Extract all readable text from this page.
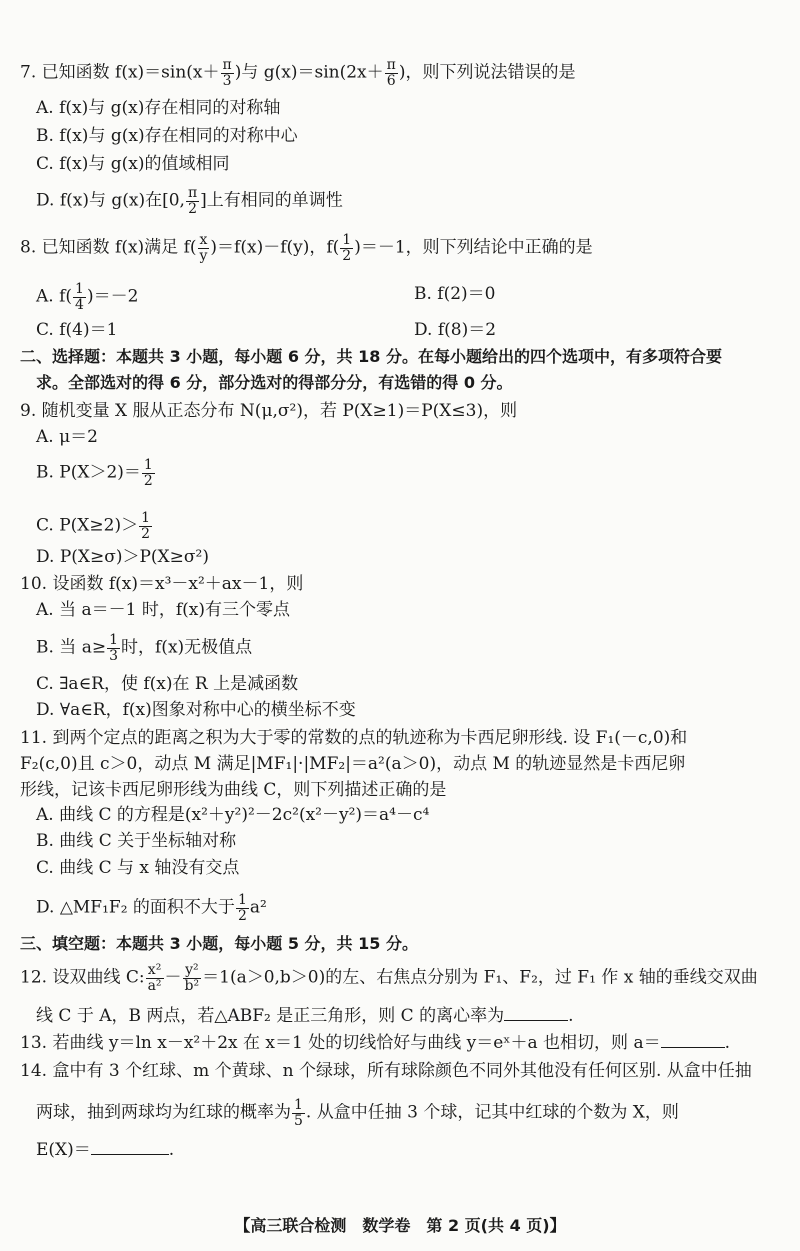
7. 已知函数 $f(x)=\sin(x+ \frac{\pi}{3}$ )与 $g(x)=\sin(2x+ \frac{\pi}{6}$ )，则下列说法错误的是
A. f(x)与 g(x)存在相同的对称轴
B. f(x)与 g(x)存在相同的对称中心
C. f(x)与 g(x)的值域相同
D. f(x)与 g(x)在[0, $\frac{\pi}{2}$ ]上有相同的单调性
8. 已知函数 f(x)满足 $f( \frac{x}{y} )=f(x)-f(y)$，$f( \frac{1}{2} )=-1$，则下列结论中正确的是
A. $f( \frac{1}{4} )=-2$	B. f(2)＝0
C. f(4)＝1	D. f(8)＝2
二、选择题：本题共 3 小题，每小题 6 分，共 18 分。在每小题给出的四个选项中，有多项符合要
求。全部选对的得 6 分，部分选对的得部分分，有选错的得 0 分。
9. 随机变量 X 服从正态分布 N(μ,σ²)，若 P(X≥1)＝P(X≤3)，则
A. μ＝2
B. $P(X>2)= \frac{1}{2}$
C. $P(X\ge 2)> \frac{1}{2}$
D. P(X≥σ)＞P(X≥σ²)
10. 设函数 f(x)＝x³－x²＋ax－1，则
A. 当 a＝－1 时，f(x)有三个零点
B. 当 $a\ge \frac{1}{3}$ 时，f(x)无极值点
C. ∃a∈R，使 f(x)在 R 上是减函数
D. ∀a∈R，f(x)图象对称中心的横坐标不变
11. 到两个定点的距离之积为大于零的常数的点的轨迹称为卡西尼卵形线. 设 F₁(－c,0)和
F₂(c,0)且 c＞0，动点 M 满足|MF₁|·|MF₂|＝a²(a＞0)，动点 M 的轨迹显然是卡西尼卵
形线，记该卡西尼卵形线为曲线 C，则下列描述正确的是
A. 曲线 C 的方程是(x²＋y²)²－2c²(x²－y²)＝a⁴－c⁴
B. 曲线 C 关于坐标轴对称
C. 曲线 C 与 x 轴没有交点
D. △MF₁F₂ 的面积不大于 $\frac{1}{2} a^2$
三、填空题：本题共 3 小题，每小题 5 分，共 15 分。
12. 设双曲线 C: $\frac{\text{x²}}{\text{a²}} - \frac{\text{y²}}{\text{b²}} =1(a>0,b>0)$的左、右焦点分别为 F₁、F₂，过 F₁ 作 x 轴的垂线交双曲
线 C 于 A，B 两点，若△ABF₂ 是正三角形，则 C 的离心率为	.
13. 若曲线 y＝ln x－x²＋2x 在 x＝1 处的切线恰好与曲线 y＝eˣ＋a 也相切，则 a＝	.
14. 盒中有 3 个红球、m 个黄球、n 个绿球，所有球除颜色不同外其他没有任何区别. 从盒中任抽
两球，抽到两球均为红球的概率为 $\frac{1}{5}$ . 从盒中任抽 3 个球，记其中红球的个数为 X，则
E(X)＝	.
【高三联合检测　数学卷　第 2 页(共 4 页)】
